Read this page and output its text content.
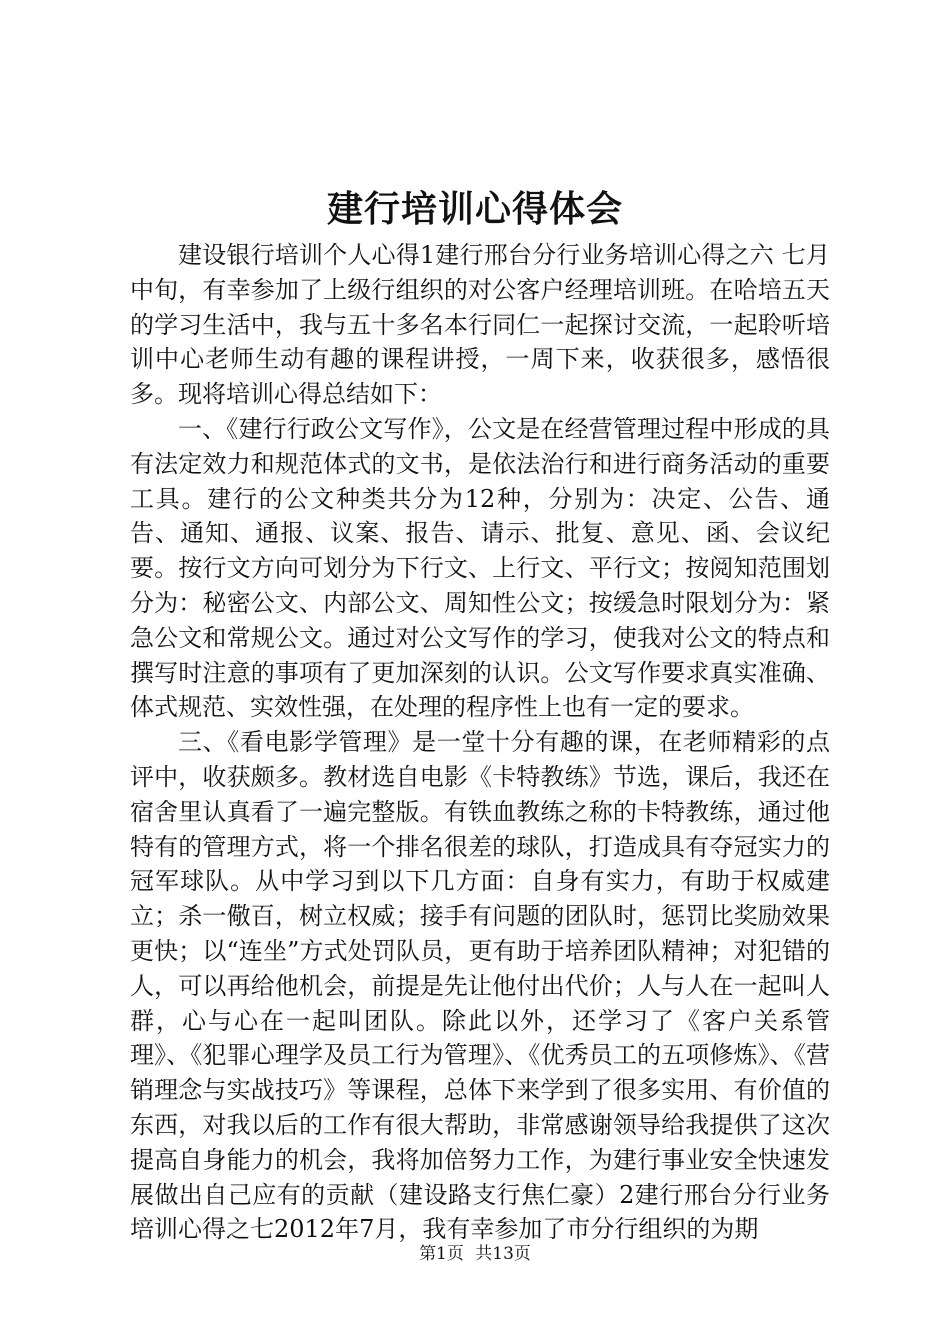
建行培训心得体会

建设银行培训个人心得1建行邢台分行业务培训心得之六 七月中旬，有幸参加了上级行组织的对公客户经理培训班。在哈培五天的学习生活中，我与五十多名本行同仁一起探讨交流，一起聆听培训中心老师生动有趣的课程讲授，一周下来，收获很多，感悟很多。现将培训心得总结如下：

一、《建行行政公文写作》，公文是在经营管理过程中形成的具有法定效力和规范体式的文书，是依法治行和进行商务活动的重要工具。建行的公文种类共分为12种，分别为：决定、公告、通告、通知、通报、议案、报告、请示、批复、意见、函、会议纪要。按行文方向可划分为下行文、上行文、平行文；按阅知范围划分为：秘密公文、内部公文、周知性公文；按缓急时限划分为：紧急公文和常规公文。通过对公文写作的学习，使我对公文的特点和撰写时注意的事项有了更加深刻的认识。公文写作要求真实准确、体式规范、实效性强，在处理的程序性上也有一定的要求。

三、《看电影学管理》是一堂十分有趣的课，在老师精彩的点评中，收获颇多。教材选自电影《卡特教练》节选，课后，我还在宿舍里认真看了一遍完整版。有铁血教练之称的卡特教练，通过他特有的管理方式，将一个排名很差的球队，打造成具有夺冠实力的冠军球队。从中学习到以下几方面：自身有实力，有助于权威建立；杀一儆百，树立权威；接手有问题的团队时，惩罚比奖励效果更快；以“连坐”方式处罚队员，更有助于培养团队精神；对犯错的人，可以再给他机会，前提是先让他付出代价；人与人在一起叫人群，心与心在一起叫团队。除此以外，还学习了《客户关系管理》、《犯罪心理学及员工行为管理》、《优秀员工的五项修炼》、《营销理念与实战技巧》等课程，总体下来学到了很多实用、有价值的东西，对我以后的工作有很大帮助，非常感谢领导给我提供了这次提高自身能力的机会，我将加倍努力工作，为建行事业安全快速发展做出自己应有的贡献（建设路支行焦仁豪）2建行邢台分行业务培训心得之七2012年7月，我有幸参加了市分行组织的为期

第1页 共13页
